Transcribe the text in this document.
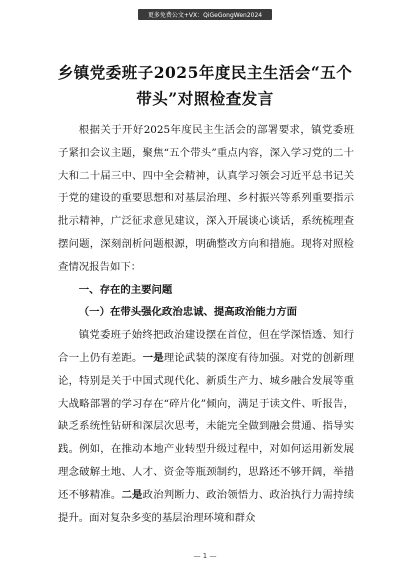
更多免费公文+VX：QiGeGongWen2024
乡镇党委班子2025年度民主生活会“五个带头”对照检查发言

根据关于开好2025年度民主生活会的部署要求，镇党委班子紧扣会议主题，聚焦“五个带头”重点内容，深入学习党的二十大和二十届三中、四中全会精神，认真学习领会习近平总书记关于党的建设的重要思想和对基层治理、乡村振兴等系列重要指示批示精神，广泛征求意见建议，深入开展谈心谈话，系统梳理查摆问题，深刻剖析问题根源，明确整改方向和措施。现将对照检查情况报告如下：

一、存在的主要问题

（一）在带头强化政治忠诚、提高政治能力方面

镇党委班子始终把政治建设摆在首位，但在学深悟透、知行合一上仍有差距。一是理论武装的深度有待加强。对党的创新理论，特别是关于中国式现代化、新质生产力、城乡融合发展等重大战略部署的学习存在“碎片化”倾向，满足于读文件、听报告，缺乏系统性钻研和深层次思考，未能完全做到融会贯通、指导实践。例如，在推动本地产业转型升级过程中，对如何运用新发展理念破解土地、人才、资金等瓶颈制约，思路还不够开阔，举措还不够精准。二是政治判断力、政治领悟力、政治执行力需持续提升。面对复杂多变的基层治理环境和群众

— 1 —
